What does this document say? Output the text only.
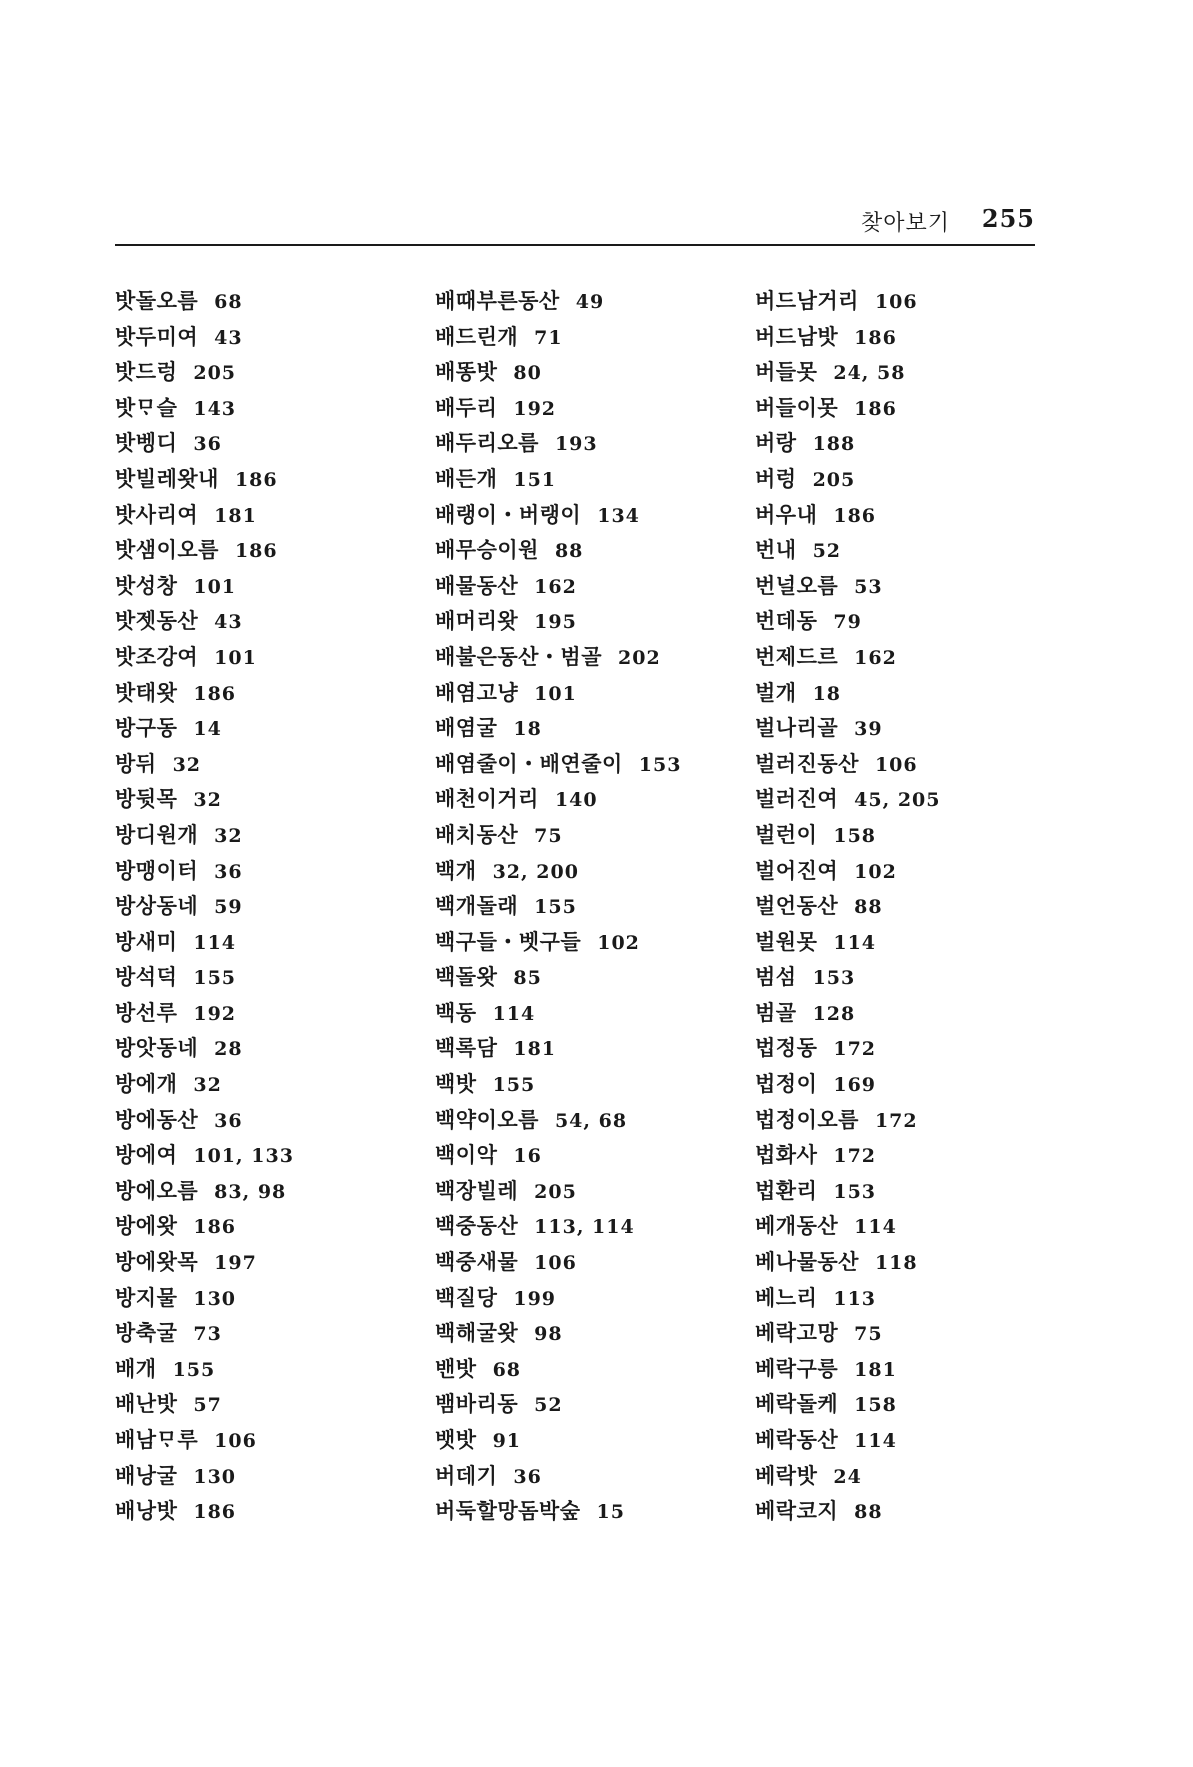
찾아보기 255
밧돌오름 68
밧두미여 43
밧드렁 205
밧ᄆᆞ슬 143
밧벵디 36
밧빌레왓내 186
밧사리여 181
밧샘이오름 186
밧성창 101
밧젯동산 43
밧조강여 101
밧태왓 186
방구동 14
방뒤 32
방뒷목 32
방디원개 32
방맹이터 36
방상동네 59
방새미 114
방석덕 155
방선루 192
방앗동네 28
방에개 32
방에동산 36
방에여 101, 133
방에오름 83, 98
방에왓 186
방에왓목 197
방지물 130
방축굴 73
배개 155
배난밧 57
배남ᄆᆞ루 106
배낭굴 130
배낭밧 186
배때부른동산 49
배드린개 71
배똥밧 80
배두리 192
배두리오름 193
배든개 151
배랭이・버랭이 134
배무승이원 88
배물동산 162
배머리왓 195
배불은동산・범골 202
배염고냥 101
배염굴 18
배염줄이・배연줄이 153
배천이거리 140
배치동산 75
백개 32, 200
백개돌래 155
백구들・벳구들 102
백돌왓 85
백동 114
백록담 181
백밧 155
백약이오름 54, 68
백이악 16
백장빌레 205
백중동산 113, 114
백중새물 106
백질당 199
백해굴왓 98
밴밧 68
뱀바리동 52
뱃밧 91
버데기 36
버둑할망돔박숲 15
버드남거리 106
버드남밧 186
버들못 24, 58
버들이못 186
버랑 188
버렁 205
버우내 186
번내 52
번널오름 53
번데동 79
번제드르 162
벌개 18
벌나리골 39
벌러진동산 106
벌러진여 45, 205
벌런이 158
벌어진여 102
벌언동산 88
벌원못 114
범섬 153
범골 128
법정동 172
법정이 169
법정이오름 172
법화사 172
법환리 153
베개동산 114
베나물동산 118
베느리 113
베락고망 75
베락구릉 181
베락돌케 158
베락동산 114
베락밧 24
베락코지 88
